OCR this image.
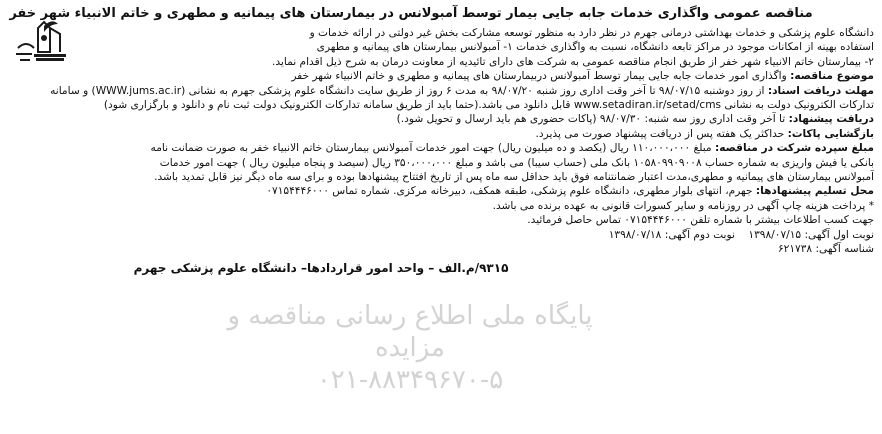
مناقصه عمومی واگذاری خدمات جابه جایی بیمار توسط آمبولانس در بیمارستان های پیمانیه و مطهری و خاتم الانبیاء شهر خفر
دانشگاه علوم پزشکی و خدمات بهداشتی درمانی جهرم در نظر دارد به منظور توسعه مشارکت بخش غیر دولتی در ارائه خدمات و
استفاده بهینه از امکانات موجود در مراکز تابعه دانشگاه، نسبت به واگذاری خدمات ۱- آمبولانس بیمارستان های پیمانیه و مطهری
۲- بیمارستان خاتم الانبیاء شهر خفر از طریق انجام مناقصه عمومی به شرکت های دارای تائیدیه از معاونت درمان به شرح ذیل اقدام نماید.
موضوع مناقصه: واگذاری امور خدمات جابه جایی بیمار توسط آمبولانس دربیمارستان های پیمانیه و مطهری و خاتم الانبیاء شهر خفر
مهلت دریافت اسناد: از روز دوشنبه ۹۸/۰۷/۱۵ تا آخر وقت اداری روز شنبه ۹۸/۰۷/۲۰ به مدت ۶ روز از طریق سایت دانشگاه علوم پزشکی جهرم به نشانی (WWW.jums.ac.ir) و سامانه
تدارکات الکترونیک دولت به نشانی www.setadiran.ir/setad/cms قابل دانلود می باشد.(حتما باید از طریق سامانه تدارکات الکترونیک دولت ثبت نام و دانلود و بارگزاری شود)
دریافت پیشنهاد: تا آخر وقت اداری روز سه شنبه: ۹۸/۰۷/۳۰ (پاکات حضوری هم باید ارسال و تحویل شود.)
بازگشایی پاکات: حداکثر یک هفته پس از دریافت پیشنهاد صورت می پذیرد.
مبلغ سپرده شرکت در مناقصه: مبلغ ۱۱۰،۰۰۰،۰۰۰ ریال (یکصد و ده میلیون ریال) جهت امور خدمات آمبولانس بیمارستان خاتم الانبیاء خفر به صورت ضمانت نامه
بانکی یا فیش واریزی به شماره حساب ۱۰۵۸۰۹۹۰۹۰۰۸ بانک ملی (حساب سیبا) می باشد و مبلغ ۳۵۰،۰۰۰،۰۰۰ ریال (سیصد و پنجاه میلیون ریال ) جهت امور خدمات
آمبولانس بیمارستان های پیمانیه و مطهری،مدت اعتبار ضمانتنامه فوق باید حداقل سه ماه پس از تاریخ افتتاح پیشنهادها بوده و برای سه ماه دیگر نیز قابل تمدید باشد.
محل تسلیم پیشنهادها: جهرم، انتهای بلوار مطهری، دانشگاه علوم پزشکی، طبقه همکف، دبیرخانه مرکزی. شماره تماس ۰۷۱۵۴۴۴۶۰۰۰
* پرداخت هزینه چاپ آگهی در روزنامه و سایر کسورات قانونی به عهده برنده می باشد.
جهت کسب اطلاعات بیشتر با شماره تلفن ۰۷۱۵۴۴۴۶۰۰۰ تماس حاصل فرمائید.
نوبت اول آگهی: ۱۳۹۸/۰۷/۱۵    نوبت دوم آگهی: ۱۳۹۸/۰۷/۱۸
شناسه آگهی: ۶۲۱۷۳۸
۹۳۱۵/م.الف – واحد امور قراردادها– دانشگاه علوم پزشکی جهرم
پایگاه ملی اطلاع رسانی مناقصه و مزایده
۰۲۱-۸۸۳۴۹۶۷۰-۵
